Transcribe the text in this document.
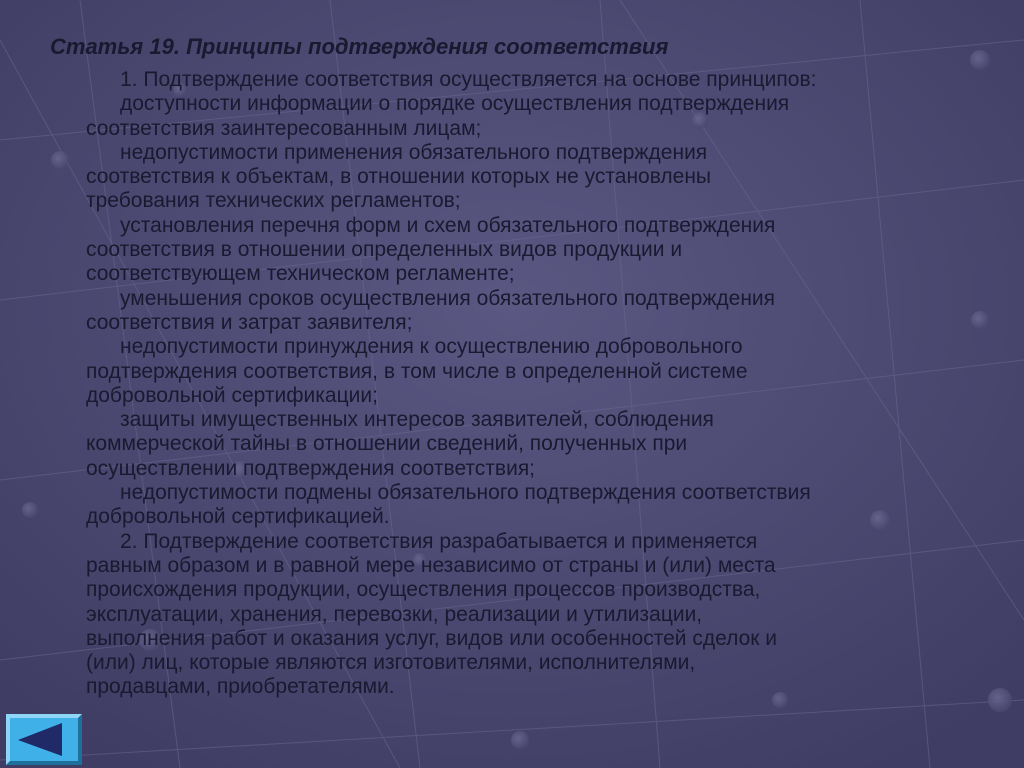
Статья 19. Принципы подтверждения соответствия

1. Подтверждение соответствия осуществляется на основе принципов:

доступности информации о порядке осуществления подтверждения

соответствия заинтересованным лицам;

недопустимости применения обязательного подтверждения

соответствия к объектам, в отношении которых не установлены

требования технических регламентов;

установления перечня форм и схем обязательного подтверждения

соответствия в отношении определенных видов продукции и

соответствующем техническом регламенте;

уменьшения сроков осуществления обязательного подтверждения

соответствия и затрат заявителя;

недопустимости принуждения к осуществлению добровольного

подтверждения соответствия, в том числе в определенной системе

добровольной сертификации;

защиты имущественных интересов заявителей, соблюдения

коммерческой тайны в отношении сведений, полученных при

осуществлении подтверждения соответствия;

недопустимости подмены обязательного подтверждения соответствия

добровольной сертификацией.

2. Подтверждение соответствия разрабатывается и применяется

равным образом и в равной мере независимо от страны и (или) места

происхождения продукции, осуществления процессов производства,

эксплуатации, хранения, перевозки, реализации и утилизации,

выполнения работ и оказания услуг, видов или особенностей сделок и

(или) лиц, которые являются изготовителями, исполнителями,

продавцами, приобретателями.
